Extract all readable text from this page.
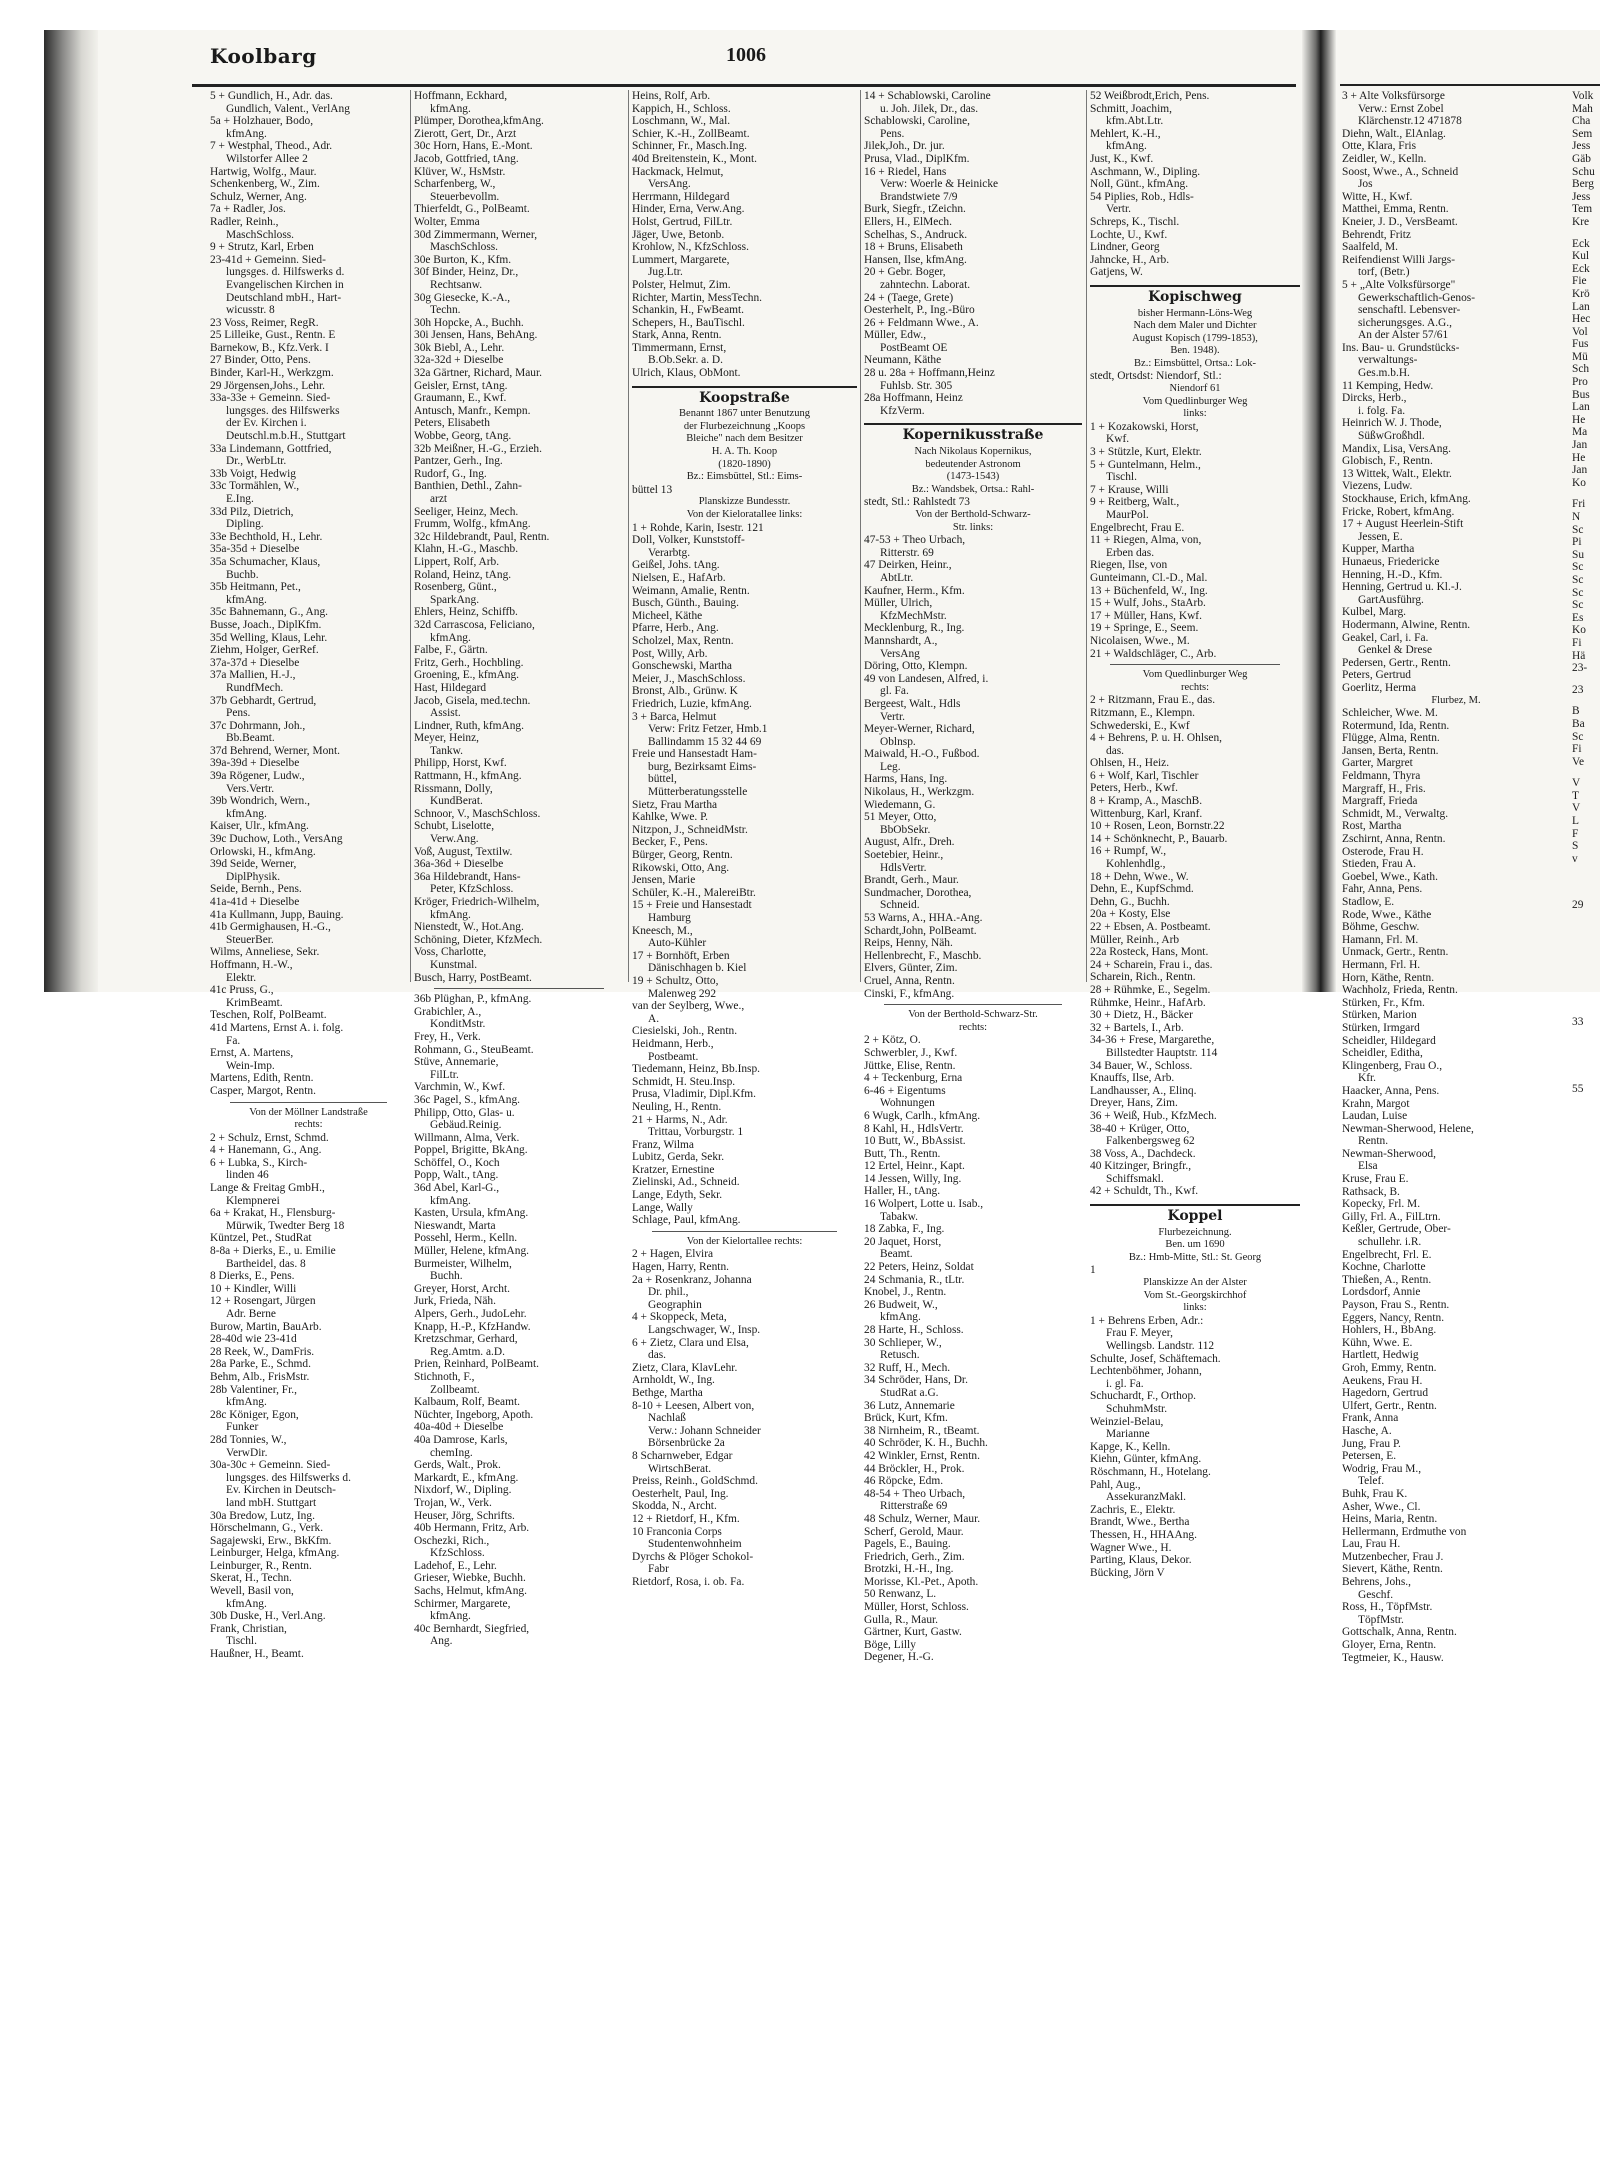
Koolbarg	1006
5 + Gundlich, H., Adr. das.
Gundlich, Valent., VerlAng
5a + Holzhauer, Bodo,
kfmAng.
7 + Westphal, Theod., Adr.
Wilstorfer Allee 2
Hartwig, Wolfg., Maur.
Schenkenberg, W., Zim.
Schulz, Werner, Ang.
7a + Radler, Jos.
Radler, Reinh.,
MaschSchloss.
9 + Strutz, Karl, Erben
23-41d + Gemeinn. Sied-
lungsges. d. Hilfswerks d.
Evangelischen Kirchen in
Deutschland mbH., Hart-
wicusstr. 8
23 Voss, Reimer, RegR.
25 Lilleike, Gust., Rentn. E
Barnekow, B., Kfz.Verk. I
27 Binder, Otto, Pens.
Binder, Karl-H., Werkzgm.
29 Jörgensen,Johs., Lehr.
33a-33e + Gemeinn. Sied-
lungsges. des Hilfswerks
der Ev. Kirchen i.
Deutschl.m.b.H., Stuttgart
33a Lindemann, Gottfried,
Dr., WerbLtr.
33b Voigt, Hedwig
33c Tormählen, W.,
E.Ing.
33d Pilz, Dietrich,
Dipling.
33e Bechthold, H., Lehr.
35a-35d + Dieselbe
35a Schumacher, Klaus,
Buchb.
35b Heitmann, Pet.,
kfmAng.
35c Bahnemann, G., Ang.
Busse, Joach., DiplKfm.
35d Welling, Klaus, Lehr.
Ziehm, Holger, GerRef.
37a-37d + Dieselbe
37a Mallien, H.-J.,
RundfMech.
37b Gebhardt, Gertrud,
Pens.
37c Dohrmann, Joh.,
Bb.Beamt.
37d Behrend, Werner, Mont.
39a-39d + Dieselbe
39a Rögener, Ludw.,
Vers.Vertr.
39b Wondrich, Wern.,
kfmAng.
Kaiser, Ulr., kfmAng.
39c Duchow, Loth., VersAng
Orlowski, H., kfmAng.
39d Seide, Werner,
DiplPhysik.
Seide, Bernh., Pens.
41a-41d + Dieselbe
41a Kullmann, Jupp, Bauing.
41b Germighausen, H.-G.,
SteuerBer.
Wilms, Anneliese, Sekr.
Hoffmann, H.-W.,
Elektr.
41c Pruss, G.,
KrimBeamt.
Teschen, Rolf, PolBeamt.
41d Martens, Ernst A. i. folg.
Fa.
Ernst, A. Martens,
Wein-Imp.
Martens, Edith, Rentn.
Casper, Margot, Rentn.
Von der Möllner Landstraße
rechts:
2 + Schulz, Ernst, Schmd.
4 + Hanemann, G., Ang.
6 + Lubka, S., Kirch-
linden 46
Lange & Freitag GmbH.,
Klempnerei
6a + Krakat, H., Flensburg-
Mürwik, Twedter Berg 18
Küntzel, Pet., StudRat
8-8a + Dierks, E., u. Emilie
Bartheidel, das. 8
8 Dierks, E., Pens.
10 + Kindler, Willi
12 + Rosengart, Jürgen
Adr. Berne
Burow, Martin, BauArb.
28-40d wie 23-41d
28 Reek, W., DamFris.
28a Parke, E., Schmd.
Behm, Alb., FrisMstr.
28b Valentiner, Fr.,
kfmAng.
28c Königer, Egon,
Funker
28d Tonnies, W.,
VerwDir.
30a-30c + Gemeinn. Sied-
lungsges. des Hilfswerks d.
Ev. Kirchen in Deutsch-
land mbH. Stuttgart
30a Bredow, Lutz, Ing.
Hörschelmann, G., Verk.
Sagajewski, Erw., BkKfm.
Leinburger, Helga, kfmAng.
Leinburger, R., Rentn.
Skerat, H., Techn.
Wevell, Basil von,
kfmAng.
30b Duske, H., Verl.Ang.
Frank, Christian,
Tischl.
Haußner, H., Beamt.
Hoffmann, Eckhard,
kfmAng.
Plümper, Dorothea,kfmAng.
Zierott, Gert, Dr., Arzt
30c Horn, Hans, E.-Mont.
Jacob, Gottfried, tAng.
Klüver, W., HsMstr.
Scharfenberg, W.,
Steuerbevollm.
Thierfeldt, G., PolBeamt.
Wolter, Emma
30d Zimmermann, Werner,
MaschSchloss.
30e Burton, K., Kfm.
30f Binder, Heinz, Dr.,
Rechtsanw.
30g Giesecke, K.-A.,
Techn.
30h Hopcke, A., Buchh.
30i Jensen, Hans, BehAng.
30k Biebl, A., Lehr.
32a-32d + Dieselbe
32a Gärtner, Richard, Maur.
Geisler, Ernst, tAng.
Graumann, E., Kwf.
Antusch, Manfr., Kempn.
Peters, Elisabeth
Wobbe, Georg, tAng.
32b Meißner, H.-G., Erzieh.
Pantzer, Gerh., Ing.
Rudorf, G., Ing.
Banthien, Dethl., Zahn-
arzt
Seeliger, Heinz, Mech.
Frumm, Wolfg., kfmAng.
32c Hildebrandt, Paul, Rentn.
Klahn, H.-G., Maschb.
Lippert, Rolf, Arb.
Roland, Heinz, tAng.
Rosenberg, Günt.,
SparkAng.
Ehlers, Heinz, Schiffb.
32d Carrascosa, Feliciano,
kfmAng.
Falbe, F., Gärtn.
Fritz, Gerh., Hochbling.
Groening, E., kfmAng.
Hast, Hildegard
Jacob, Gisela, med.techn.
Assist.
Lindner, Ruth, kfmAng.
Meyer, Heinz,
Tankw.
Philipp, Horst, Kwf.
Rattmann, H., kfmAng.
Rissmann, Dolly,
KundBerat.
Schnoor, V., MaschSchloss.
Schubt, Liselotte,
Verw.Ang.
Voß, August, Textilw.
36a-36d + Dieselbe
36a Hildebrandt, Hans-
Peter, KfzSchloss.
Kröger, Friedrich-Wilhelm,
kfmAng.
Nienstedt, W., Hot.Ang.
Schöning, Dieter, KfzMech.
Voss, Charlotte,
Kunstmal.
Busch, Harry, PostBeamt.
36b Plüghan, P., kfmAng.
Grabichler, A.,
KonditMstr.
Frey, H., Verk.
Rohmann, G., SteuBeamt.
Stüve, Annemarie,
FilLtr.
Varchmin, W., Kwf.
36c Pagel, S., kfmAng.
Philipp, Otto, Glas- u.
Gebäud.Reinig.
Willmann, Alma, Verk.
Poppel, Brigitte, BkAng.
Schöffel, O., Koch
Popp, Walt., tAng.
36d Abel, Karl-G.,
kfmAng.
Kasten, Ursula, kfmAng.
Nieswandt, Marta
Possehl, Herm., Kelln.
Müller, Helene, kfmAng.
Burmeister, Wilhelm,
Buchh.
Greyer, Horst, Archt.
Jurk, Frieda, Näh.
Alpers, Gerh., JudoLehr.
Knapp, H.-P., KfzHandw.
Kretzschmar, Gerhard,
Reg.Amtm. a.D.
Prien, Reinhard, PolBeamt.
Stichnoth, F.,
Zollbeamt.
Kalbaum, Rolf, Beamt.
Nüchter, Ingeborg, Apoth.
40a-40d + Dieselbe
40a Damrose, Karls,
chemIng.
Gerds, Walt., Prok.
Markardt, E., kfmAng.
Nixdorf, W., Dipling.
Trojan, W., Verk.
Heuser, Jörg, Schrifts.
40b Hermann, Fritz, Arb.
Oschezki, Rich.,
KfzSchloss.
Ladehof, E., Lehr.
Grieser, Wiebke, Buchh.
Sachs, Helmut, kfmAng.
Schirmer, Margarete,
kfmAng.
40c Bernhardt, Siegfried,
Ang.
Heins, Rolf, Arb.
Kappich, H., Schloss.
Loschmann, W., Mal.
Schier, K.-H., ZollBeamt.
Schinner, Fr., Masch.Ing.
40d Breitenstein, K., Mont.
Hackmack, Helmut,
VersAng.
Herrmann, Hildegard
Hinder, Erna, Verw.Ang.
Holst, Gertrud, FilLtr.
Jäger, Uwe, Betonb.
Krohlow, N., KfzSchloss.
Lummert, Margarete,
Jug.Ltr.
Polster, Helmut, Zim.
Richter, Martin, MessTechn.
Schankin, H., FwBeamt.
Schepers, H., BauTischl.
Stark, Anna, Rentn.
Timmermann, Ernst,
B.Ob.Sekr. a. D.
Ulrich, Klaus, ObMont.
Koopstraße
Benannt 1867 unter Benutzung
der Flurbezeichnung „Koops
Bleiche" nach dem Besitzer
H. A. Th. Koop
(1820-1890)
Bz.: Eimsbüttel, Stl.: Eims-
büttel 13
Planskizze Bundesstr.
Von der Kieloratallee links:
1 + Rohde, Karin, Isestr. 121
Doll, Volker, Kunststoff-
Verarbtg.
Geißel, Johs. tAng.
Nielsen, E., HafArb.
Weimann, Amalie, Rentn.
Busch, Günth., Bauing.
Micheel, Käthe
Pfarre, Herb., Ang.
Scholzel, Max, Rentn.
Post, Willy, Arb.
Gonschewski, Martha
Meier, J., MaschSchloss.
Bronst, Alb., Grünw. K
Friedrich, Luzie, kfmAng.
3 + Barca, Helmut
Verw: Fritz Fetzer, Hmb.1
Ballindamm 15 32 44 69
Freie und Hansestadt Ham-
burg, Bezirksamt Eims-
büttel,
Mütterberatungsstelle
Sietz, Frau Martha
Kahlke, Wwe. P.
Nitzpon, J., SchneidMstr.
Becker, F., Pens.
Bürger, Georg, Rentn.
Rikowski, Otto, Ang.
Jensen, Marie
Schüler, K.-H., MalereiBtr.
15 + Freie und Hansestadt
Hamburg
Kneesch, M.,
Auto-Kühler
17 + Bornhöft, Erben
Dänischhagen b. Kiel
19 + Schultz, Otto,
Malenweg 292
van der Seylberg, Wwe.,
A.
Ciesielski, Joh., Rentn.
Heidmann, Herb.,
Postbeamt.
Tiedemann, Heinz, Bb.Insp.
Schmidt, H. Steu.Insp.
Prusa, Vladimir, Dipl.Kfm.
Neuling, H., Rentn.
21 + Harms, N., Adr.
Trittau, Vorburgstr. 1
Franz, Wilma
Lubitz, Gerda, Sekr.
Kratzer, Ernestine
Zielinski, Ad., Schneid.
Lange, Edyth, Sekr.
Lange, Wally
Schlage, Paul, kfmAng.
Von der Kielortallee rechts:
2 + Hagen, Elvira
Hagen, Harry, Rentn.
2a + Rosenkranz, Johanna
Dr. phil.,
Geographin
4 + Skoppeck, Meta,
Langschwager, W., Insp.
6 + Zietz, Clara und Elsa,
das.
Zietz, Clara, KlavLehr.
Arnholdt, W., Ing.
Bethge, Martha
8-10 + Leesen, Albert von,
Nachlaß
Verw.: Johann Schneider
Börsenbrücke 2a
8 Scharnweber, Edgar
WirtschBerat.
Preiss, Reinh., GoldSchmd.
Oesterhelt, Paul, Ing.
Skodda, N., Archt.
12 + Rietdorf, H., Kfm.
10 Franconia Corps
Studentenwohnheim
Dyrchs & Plöger Schokol-
Fabr
Rietdorf, Rosa, i. ob. Fa.
14 + Schablowski, Caroline
u. Joh. Jilek, Dr., das.
Schablowski, Caroline,
Pens.
Jilek,Joh., Dr. jur.
Prusa, Vlad., DiplKfm.
16 + Riedel, Hans
Verw: Woerle & Heinicke
Brandstwiete 7/9
Burk, Siegfr., tZeichn.
Ellers, H., ElMech.
Schelhas, S., Andruck.
18 + Bruns, Elisabeth
Hansen, Ilse, kfmAng.
20 + Gebr. Boger,
zahntechn. Laborat.
24 + (Taege, Grete)
Oesterhelt, P., Ing.-Büro
26 + Feldmann Wwe., A.
Müller, Edw.,
PostBeamt OE
Neumann, Käthe
28 u. 28a + Hoffmann,Heinz
Fuhlsb. Str. 305
28a Hoffmann, Heinz
KfzVerm.
Kopernikusstraße
Nach Nikolaus Kopernikus,
bedeutender Astronom
(1473-1543)
Bz.: Wandsbek, Ortsa.: Rahl-
stedt, Stl.: Rahlstedt 73
Von der Berthold-Schwarz-
Str. links:
47-53 + Theo Urbach,
Ritterstr. 69
47 Deirken, Heinr.,
AbtLtr.
Kaufner, Herm., Kfm.
Müller, Ulrich,
KfzMechMstr.
Mecklenburg, R., Ing.
Mannshardt, A.,
VersAng
Döring, Otto, Klempn.
49 von Landesen, Alfred, i.
gl. Fa.
Bergeest, Walt., Hdls
Vertr.
Meyer-Werner, Richard,
Oblnsp.
Maiwald, H.-O., Fußbod.
Leg.
Harms, Hans, Ing.
Nikolaus, H., Werkzgm.
Wiedemann, G.
51 Meyer, Otto,
BbObSekr.
August, Alfr., Dreh.
Soetebier, Heinr.,
HdlsVertr.
Brandt, Gerh., Maur.
Sundmacher, Dorothea,
Schneid.
53 Warns, A., HHA.-Ang.
Schardt,John, PolBeamt.
Reips, Henny, Näh.
Hellenbrecht, F., Maschb.
Elvers, Günter, Zim.
Cruel, Anna, Rentn.
Cinski, F., kfmAng.
Von der Berthold-Schwarz-Str.
rechts:
2 + Kötz, O.
Schwerbler, J., Kwf.
Jüttke, Elise, Rentn.
4 + Teckenburg, Erna
6-46 + Eigentums
Wohnungen
6 Wugk, Carlh., kfmAng.
8 Kahl, H., HdlsVertr.
10 Butt, W., BbAssist.
Butt, Th., Rentn.
12 Ertel, Heinr., Kapt.
14 Jessen, Willy, Ing.
Haller, H., tAng.
16 Wolpert, Lotte u. Isab.,
Tabakw.
18 Zabka, F., Ing.
20 Jaquet, Horst,
Beamt.
22 Peters, Heinz, Soldat
24 Schmania, R., tLtr.
Knobel, J., Rentn.
26 Budweit, W.,
kfmAng.
28 Harte, H., Schloss.
30 Schlieper, W.,
Retusch.
32 Ruff, H., Mech.
34 Schröder, Hans, Dr.
StudRat a.G.
36 Lutz, Annemarie
Brück, Kurt, Kfm.
38 Nirnheim, R., tBeamt.
40 Schröder, K. H., Buchh.
42 Winkler, Ernst, Rentn.
44 Bröckler, H., Prok.
46 Röpcke, Edm.
48-54 + Theo Urbach,
Ritterstraße 69
48 Schulz, Werner, Maur.
Scherf, Gerold, Maur.
Pagels, E., Bauing.
Friedrich, Gerh., Zim.
Brotzki, H.-H., Ing.
Morisse, Kl.-Pet., Apoth.
50 Renwanz, L.
Müller, Horst, Schloss.
Gulla, R., Maur.
Gärtner, Kurt, Gastw.
Böge, Lilly
Degener, H.-G.
52 Weißbrodt,Erich, Pens.
Schmitt, Joachim,
kfm.Abt.Ltr.
Mehlert, K.-H.,
kfmAng.
Just, K., Kwf.
Aschmann, W., Dipling.
Noll, Günt., kfmAng.
54 Piplies, Rob., Hdls-
Vertr.
Schreps, K., Tischl.
Lochte, U., Kwf.
Lindner, Georg
Jahncke, H., Arb.
Gatjens, W.
Kopischweg
bisher Hermann-Löns-Weg
Nach dem Maler und Dichter
August Kopisch (1799-1853),
Ben. 1948).
Bz.: Eimsbüttel, Ortsa.: Lok-
stedt, Ortsdst: Niendorf, Stl.:
Niendorf 61
Vom Quedlinburger Weg
links:
1 + Kozakowski, Horst,
Kwf.
3 + Stützle, Kurt, Elektr.
5 + Guntelmann, Helm.,
Tischl.
7 + Krause, Willi
9 + Reitberg, Walt.,
MaurPol.
Engelbrecht, Frau E.
11 + Riegen, Alma, von,
Erben das.
Riegen, Ilse, von
Gunteimann, Cl.-D., Mal.
13 + Büchenfeld, W., Ing.
15 + Wulf, Johs., StaArb.
17 + Müller, Hans, Kwf.
19 + Springe, E., Seem.
Nicolaisen, Wwe., M.
21 + Waldschläger, C., Arb.
Vom Quedlinburger Weg
rechts:
2 + Ritzmann, Frau E., das.
Ritzmann, E., Klempn.
Schwederski, E., Kwf
4 + Behrens, P. u. H. Ohlsen,
das.
Ohlsen, H., Heiz.
6 + Wolf, Karl, Tischler
Peters, Herb., Kwf.
8 + Kramp, A., MaschB.
Wittenburg, Karl, Kranf.
10 + Rosen, Leon, Bornstr.22
14 + Schönknecht, P., Bauarb.
16 + Rumpf, W.,
Kohlenhdlg.,
18 + Dehn, Wwe., W.
Dehn, E., KupfSchmd.
Dehn, G., Buchh.
20a + Kosty, Else
22 + Ebsen, A. Postbeamt.
Müller, Reinh., Arb
22a Rosteck, Hans, Mont.
24 + Scharein, Frau i., das.
Scharein, Rich., Rentn.
28 + Rühmke, E., Segelm.
Rühmke, Heinr., HafArb.
30 + Dietz, H., Bäcker
32 + Bartels, I., Arb.
34-36 + Frese, Margarethe,
Billstedter Hauptstr. 114
34 Bauer, W., Schloss.
Knauffs, Ilse, Arb.
Landhausser, A., Elinq.
Dreyer, Hans, Zim.
36 + Weiß, Hub., KfzMech.
38-40 + Krüger, Otto,
Falkenbergsweg 62
38 Voss, A., Dachdeck.
40 Kitzinger, Bringfr.,
Schiffsmakl.
42 + Schuldt, Th., Kwf.
Koppel
Flurbezeichnung.
Ben. um 1690
Bz.: Hmb-Mitte, Stl.: St. Georg
1
Planskizze An der Alster
Vom St.-Georgskirchhof
links:
1 + Behrens Erben, Adr.:
Frau F. Meyer,
Wellingsb. Landstr. 112
Schulte, Josef, Schäftemach.
Lechtenböhmer, Johann,
i. gl. Fa.
Schuchardt, F., Orthop.
SchuhmMstr.
Weinziel-Belau,
Marianne
Kapge, K., Kelln.
Kiehn, Günter, kfmAng.
Röschmann, H., Hotelang.
Pahl, Aug.,
AssekuranzMakl.
Zachris, E., Elektr.
Brandt, Wwe., Bertha
Thessen, H., HHAAng.
Wagner Wwe., H.
Parting, Klaus, Dekor.
Bücking, Jörn V
3 + Alte Volksfürsorge
Verw.: Ernst Zobel
Klärchenstr.12 471878
Diehn, Walt., ElAnlag.
Otte, Klara, Fris
Zeidler, W., Kelln.
Soost, Wwe., A., Schneid
Jos
Witte, H., Kwf.
Matthei, Emma, Rentn.
Kneier, J. D., VersBeamt.
Behrendt, Fritz
Saalfeld, M.
Reifendienst Willi Jargs-
torf, (Betr.)
5 + „Alte Volksfürsorge"
Gewerkschaftlich-Genos-
senschaftl. Lebensver-
sicherungsges. A.G.,
An der Alster 57/61
Ins. Bau- u. Grundstücks-
verwaltungs-
Ges.m.b.H.
11 Kemping, Hedw.
Dircks, Herb.,
i. folg. Fa.
Heinrich W. J. Thode,
SüßwGroßhdl.
Mandix, Lisa, VersAng.
Globisch, F., Rentn.
13 Wittek, Walt., Elektr.
Viezens, Ludw.
Stockhause, Erich, kfmAng.
Fricke, Robert, kfmAng.
17 + August Heerlein-Stift
Jessen, E.
Kupper, Martha
Hunaeus, Friedericke
Henning, H.-D., Kfm.
Henning, Gertrud u. Kl.-J.
GartAusführg.
Kulbel, Marg.
Hodermann, Alwine, Rentn.
Geakel, Carl, i. Fa.
Genkel & Drese
Pedersen, Gertr., Rentn.
Peters, Gertrud
Goerlitz, Herma
Flurbez, M.
Schleicher, Wwe. M.
Rotermund, Ida, Rentn.
Flügge, Alma, Rentn.
Jansen, Berta, Rentn.
Garter, Margret
Feldmann, Thyra
Margraff, H., Fris.
Margraff, Frieda
Schmidt, M., Verwaltg.
Rost, Martha
Zschirnt, Anna, Rentn.
Osterode, Frau H.
Stieden, Frau A.
Goebel, Wwe., Kath.
Fahr, Anna, Pens.
Stadlow, E.
Rode, Wwe., Käthe
Böhme, Geschw.
Hamann, Frl. M.
Unmack, Gertr., Rentn.
Hermann, Frl. H.
Horn, Käthe, Rentn.
Wachholz, Frieda, Rentn.
Stürken, Fr., Kfm.
Stürken, Marion
Stürken, Irmgard
Scheidler, Hildegard
Scheidler, Editha,
Klingenberg, Frau O.,
Kfr.
Haacker, Anna, Pens.
Krahn, Margot
Laudan, Luise
Newman-Sherwood, Helene,
Rentn.
Newman-Sherwood,
Elsa
Kruse, Frau E.
Rathsack, B.
Kopecky, Frl. M.
Gilly, Frl. A., FilLtrn.
Keßler, Gertrude, Ober-
schullehr. i.R.
Engelbrecht, Frl. E.
Kochne, Charlotte
Thießen, A., Rentn.
Lordsdorf, Annie
Payson, Frau S., Rentn.
Eggers, Nancy, Rentn.
Hohlers, H., BbAng.
Kühn, Wwe. E.
Hartlett, Hedwig
Groh, Emmy, Rentn.
Aeukens, Frau H.
Hagedorn, Gertrud
Ulfert, Gertr., Rentn.
Frank, Anna
Hasche, A.
Jung, Frau P.
Petersen, E.
Wodrig, Frau M.,
Telef.
Buhk, Frau K.
Asher, Wwe., Cl.
Heins, Maria, Rentn.
Hellermann, Erdmuthe von
Lau, Frau H.
Mutzenbecher, Frau J.
Sievert, Käthe, Rentn.
Behrens, Johs.,
Geschf.
Ross, H., TöpfMstr.
TöpfMstr.
Gottschalk, Anna, Rentn.
Gloyer, Erna, Rentn.
Tegtmeier, K., Hausw.
Volk
Mah
Cha
Sem
Jess
Gäb
Schu
Berg
Jess
Tem
Kre
Eck
Kul
Eck
Fie
Krö
Lan
Hec
Vol
Fus
Mü
Sch
Pro
Bus
Lan
He
Ma
Jan
He
Jan
Ko
Fri
N
Sc
Pi
Su
Sc
Sc
Sc
Sc
Es
Ko
Fi
Hä
23-
23
B
Ba
Sc
Fi
Ve
V
T
V
L
F
S
v
29
33
55
